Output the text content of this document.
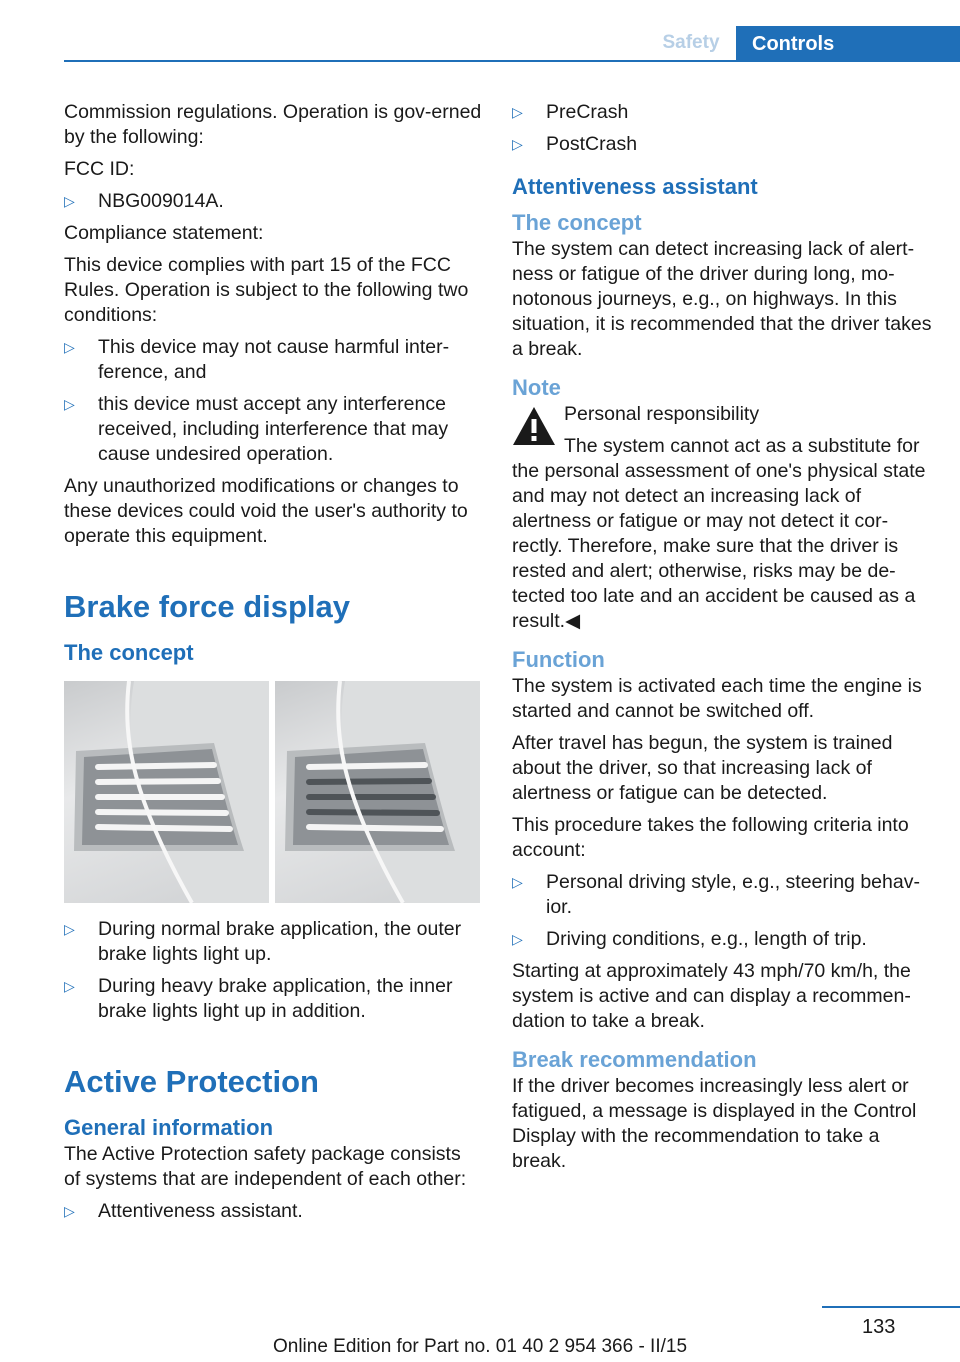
Safety	Controls

Commission regulations. Operation is gov‐erned by the following:

FCC ID:

▷ NBG009014A.

Compliance statement:

This device complies with part 15 of the FCC Rules. Operation is subject to the following two conditions:

▷ This device may not cause harmful inter‐ference, and
▷ this device must accept any interference received, including interference that may cause undesired operation.

Any unauthorized modifications or changes to these devices could void the user's authority to operate this equipment.

Brake force display
The concept
▷ During normal brake application, the outer brake lights light up.
▷ During heavy brake application, the inner brake lights light up in addition.
Active Protection
General information

The Active Protection safety package consists of systems that are independent of each other:

▷ Attentiveness assistant.
▷ PreCrash
▷ PostCrash
Attentiveness assistant
The concept

The system can detect increasing lack of alert‐ness or fatigue of the driver during long, mo‐notonous journeys, e.g., on highways. In this situation, it is recommended that the driver takes a break.

Note

Personal responsibility

The system cannot act as a substitute for the personal assessment of one's physical state and may not detect an increasing lack of alertness or fatigue or may not detect it cor‐rectly. Therefore, make sure that the driver is rested and alert; otherwise, risks may be de‐tected too late and an accident be caused as a result.◀

Function

The system is activated each time the engine is started and cannot be switched off.

After travel has begun, the system is trained about the driver, so that increasing lack of alertness or fatigue can be detected.

This procedure takes the following criteria into account:

▷ Personal driving style, e.g., steering behav‐ior.
▷ Driving conditions, e.g., length of trip.

Starting at approximately 43 mph/70 km/h, the system is active and can display a recommen‐dation to take a break.

Break recommendation

If the driver becomes increasingly less alert or fatigued, a message is displayed in the Control Display with the recommendation to take a break.

133
Online Edition for Part no. 01 40 2 954 366 - II/15
